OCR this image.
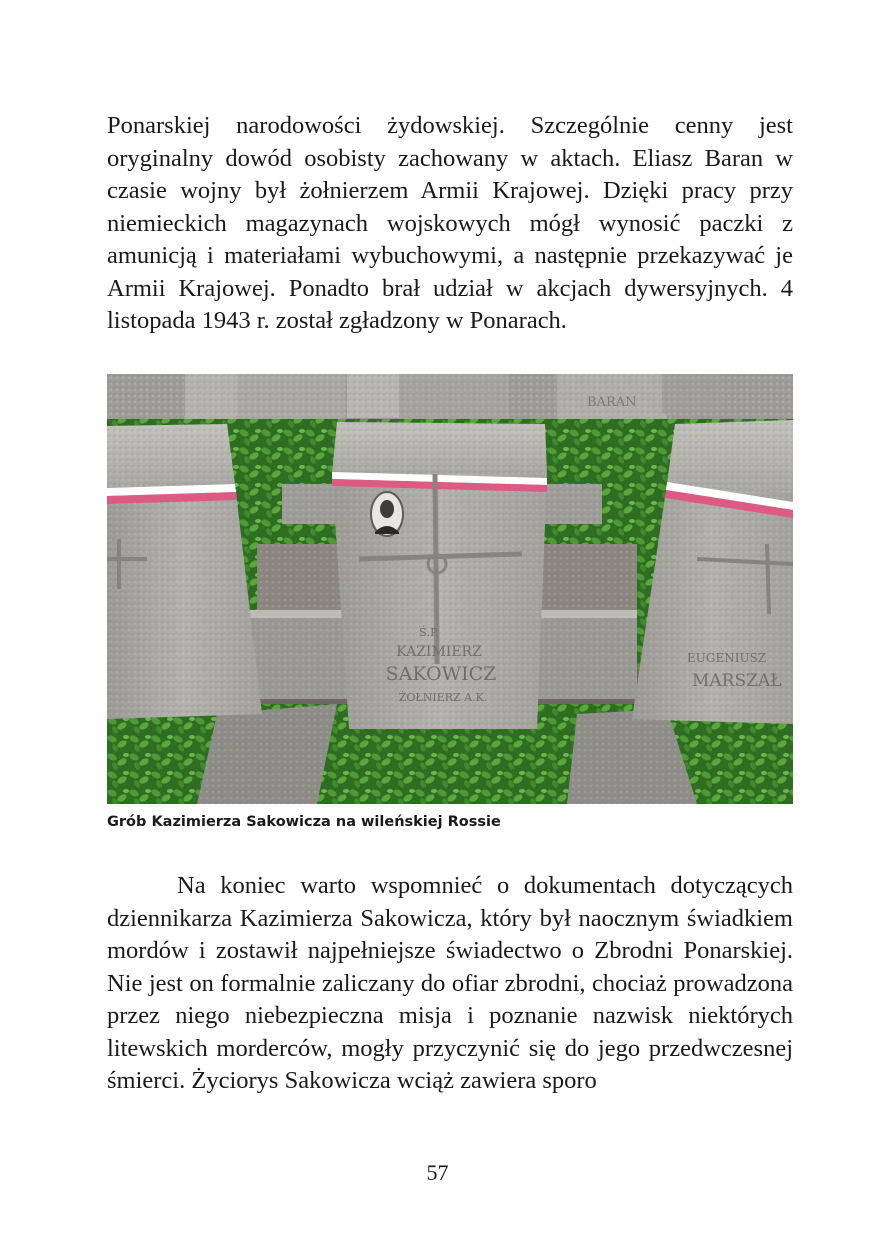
Ponarskiej narodowości żydowskiej. Szczególnie cenny jest oryginalny dowód osobisty zachowany w aktach. Eliasz Baran w czasie wojny był żołnierzem Armii Krajowej. Dzięki pracy przy niemieckich magazynach wojskowych mógł wynosić paczki z amunicją i materiałami wybuchowymi, a następnie przekazywać je Armii Krajowej. Ponadto brał udział w akcjach dywersyjnych. 4 listopada 1943 r. został zgładzony w Ponarach.

BARAN
EUGENIUSZ
MARSZAŁ
Ś.P.
KAZIMIERZ
SAKOWICZ
ŻOŁNIERZ A.K.
Grób Kazimierza Sakowicza na wileńskiej Rossie

Na koniec warto wspomnieć o dokumentach dotyczących dziennikarza Kazimierza Sakowicza, który był naocznym świadkiem mordów i zostawił najpełniejsze świadectwo o Zbrodni Ponarskiej. Nie jest on formalnie zaliczany do ofiar zbrodni, chociaż prowadzona przez niego niebezpieczna misja i poznanie nazwisk niektórych litewskich morderców, mogły przyczynić się do jego przedwczesnej śmierci. Życiorys Sakowicza wciąż zawiera sporo

57
